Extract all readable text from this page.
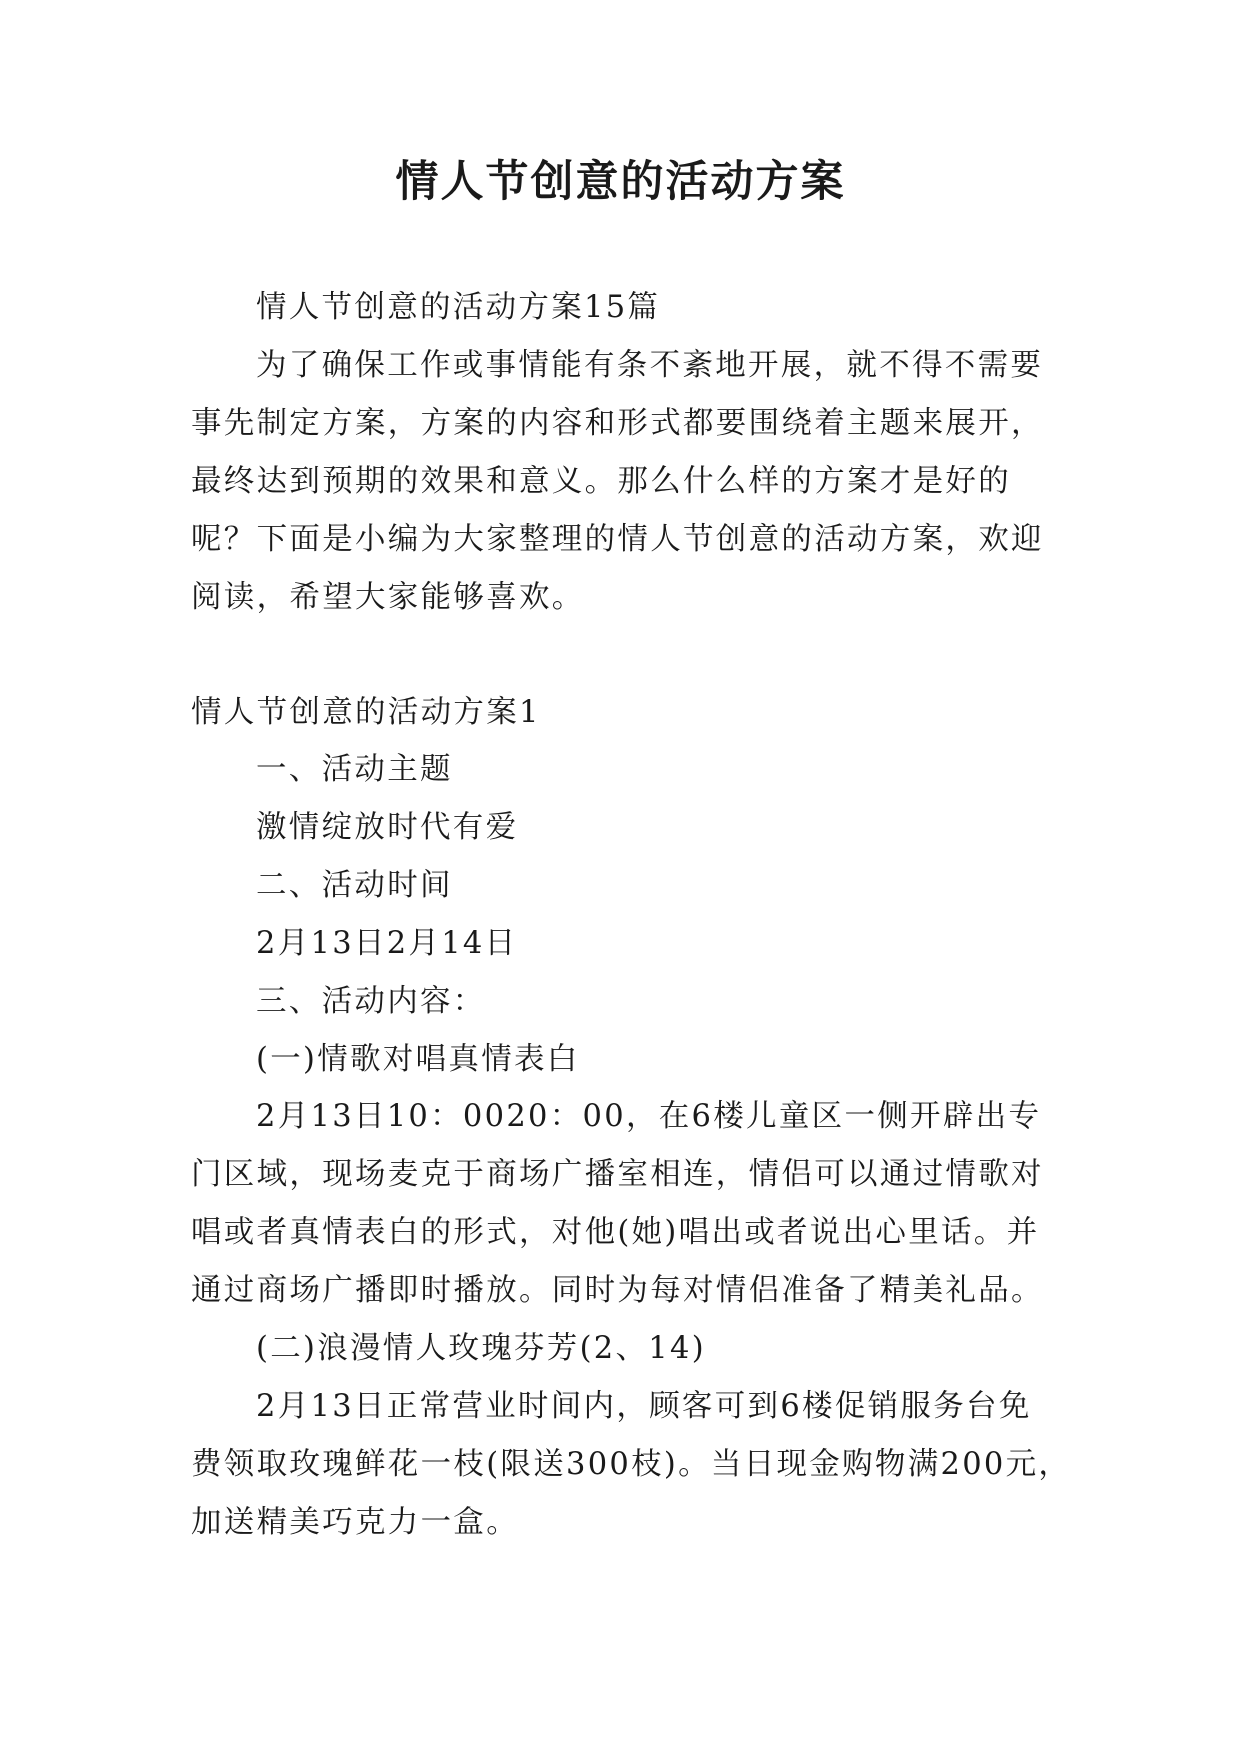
情人节创意的活动方案
情人节创意的活动方案15篇
为了确保工作或事情能有条不紊地开展，就不得不需要
事先制定方案，方案的内容和形式都要围绕着主题来展开，
最终达到预期的效果和意义。那么什么样的方案才是好的
呢？下面是小编为大家整理的情人节创意的活动方案，欢迎
阅读，希望大家能够喜欢。
情人节创意的活动方案1
一、活动主题
激情绽放时代有爱
二、活动时间
2月13日2月14日
三、活动内容：
(一)情歌对唱真情表白
2月13日10：0020：00，在6楼儿童区一侧开辟出专
门区域，现场麦克于商场广播室相连，情侣可以通过情歌对
唱或者真情表白的形式，对他(她)唱出或者说出心里话。并
通过商场广播即时播放。同时为每对情侣准备了精美礼品。
(二)浪漫情人玫瑰芬芳(2、14)
2月13日正常营业时间内，顾客可到6楼促销服务台免
费领取玫瑰鲜花一枝(限送300枝)。当日现金购物满200元，
加送精美巧克力一盒。
